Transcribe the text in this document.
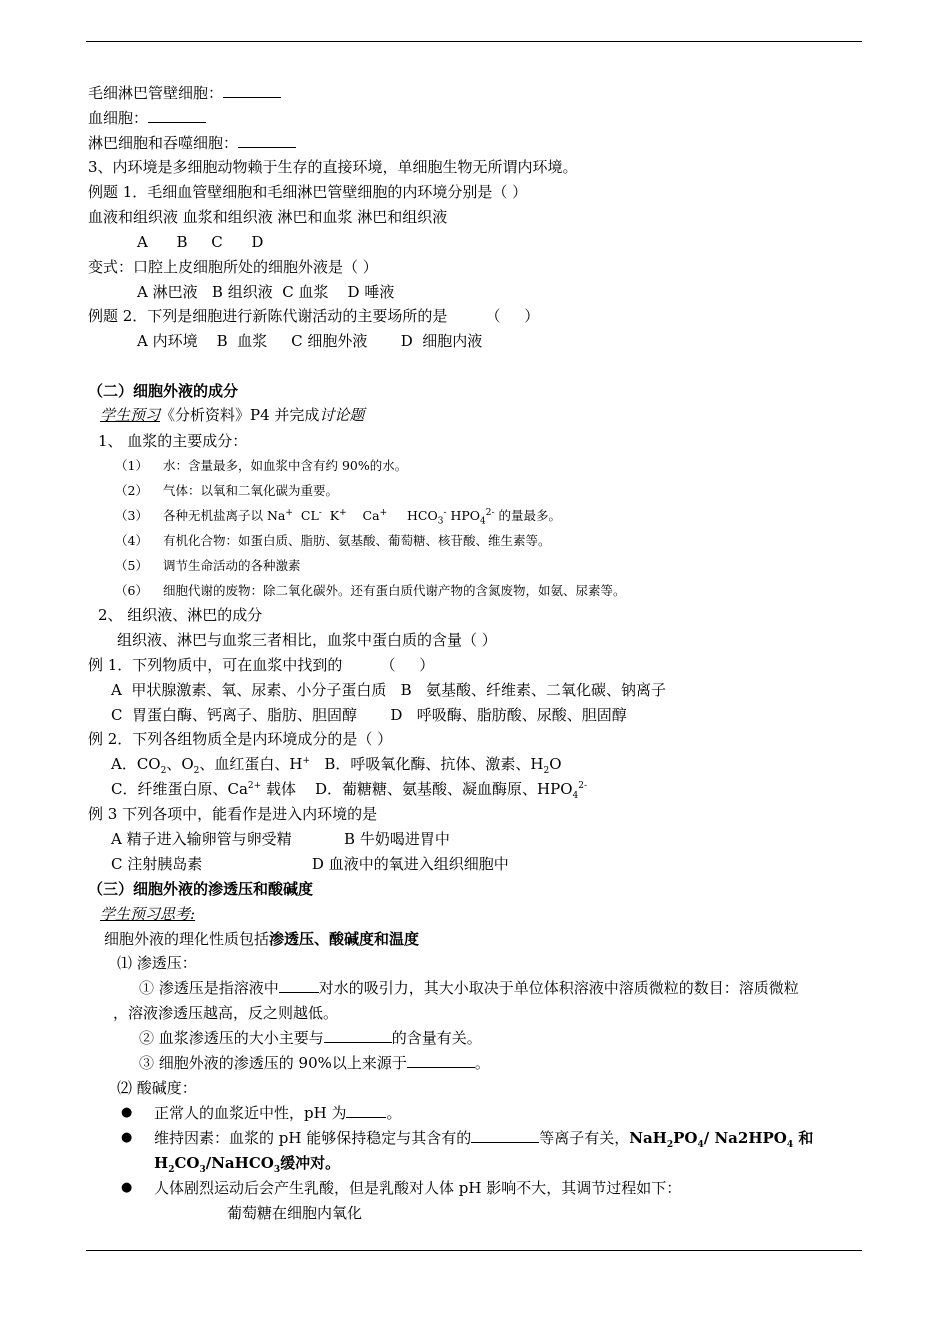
毛细淋巴管壁细胞：
血细胞：
淋巴细胞和吞噬细胞：
3、内环境是多细胞动物赖于生存的直接环境，单细胞生物无所谓内环境。
例题 1．毛细血管壁细胞和毛细淋巴管壁细胞的内环境分别是（ ）
血液和组织液 血浆和组织液 淋巴和血浆 淋巴和组织液
A      B     C      D
变式：口腔上皮细胞所处的细胞外液是（ ）
A 淋巴液   B 组织液  C 血浆    D 唾液
例题 2．下列是细胞进行新陈代谢活动的主要场所的是        （     ）
A 内环境    B  血浆     C 细胞外液       D  细胞内液
（二）细胞外液的成分
学生预习《分析资料》P4 并完成讨论题
1、 血浆的主要成分：
（1） 水：含量最多，如血浆中含有约 90%的水。
（2） 气体：以氧和二氧化碳为重要。
（3） 各种无机盐离子以 Na+ CL- K+ Ca+ $HCO_3^-$ $HPO_4^{2-}$ 的量最多。
（4） 有机化合物：如蛋白质、脂肪、氨基酸、葡萄糖、核苷酸、维生素等。
（5） 调节生命活动的各种激素
（6） 细胞代谢的废物：除二氧化碳外。还有蛋白质代谢产物的含氮废物，如氨、尿素等。
2、 组织液、淋巴的成分
组织液、淋巴与血浆三者相比，血浆中蛋白质的含量（ ）
例 1．下列物质中，可在血浆中找到的        （     ）
A  甲状腺激素、氧、尿素、小分子蛋白质   B   氨基酸、纤维素、二氧化碳、钠离子
C  胃蛋白酶、钙离子、脂肪、胆固醇       D   呼吸酶、脂肪酸、尿酸、胆固醇
例 2．下列各组物质全是内环境成分的是（ ）
A．$CO_2$、$O_2$、血红蛋白、H+   B．呼吸氧化酶、抗体、激素、$H_2O$
C．纤维蛋白原、$Ca^{2+}$ 载体    D．葡糖糖、氨基酸、凝血酶原、$HPO_4^{2-}$
例 3 下列各项中，能看作是进入内环境的是
A 精子进入输卵管与卵受精           B 牛奶喝进胃中
C 注射胰岛素                       D 血液中的氧进入组织细胞中
（三）细胞外液的渗透压和酸碱度
学生预习思考:
细胞外液的理化性质包括渗透压、酸碱度和温度
⑴ 渗透压：
① 渗透压是指溶液中	对水的吸引力，其大小取决于单位体积溶液中溶质微粒的数目：溶质微粒
，溶液渗透压越高，反之则越低。
② 血浆渗透压的大小主要与	的含量有关。
③ 细胞外液的渗透压的 90%以上来源于	。
⑵ 酸碱度：
● 正常人的血浆近中性，pH 为	。
● 维持因素：血浆的 pH 能够保持稳定与其含有的	等离子有关，$NaH_2PO_4/$ $Na2HPO_4$ 和
$H_2CO_3/NaHCO_3$缓冲对。
● 人体剧烈运动后会产生乳酸，但是乳酸对人体 pH 影响不大，其调节过程如下：
葡萄糖在细胞内氧化
